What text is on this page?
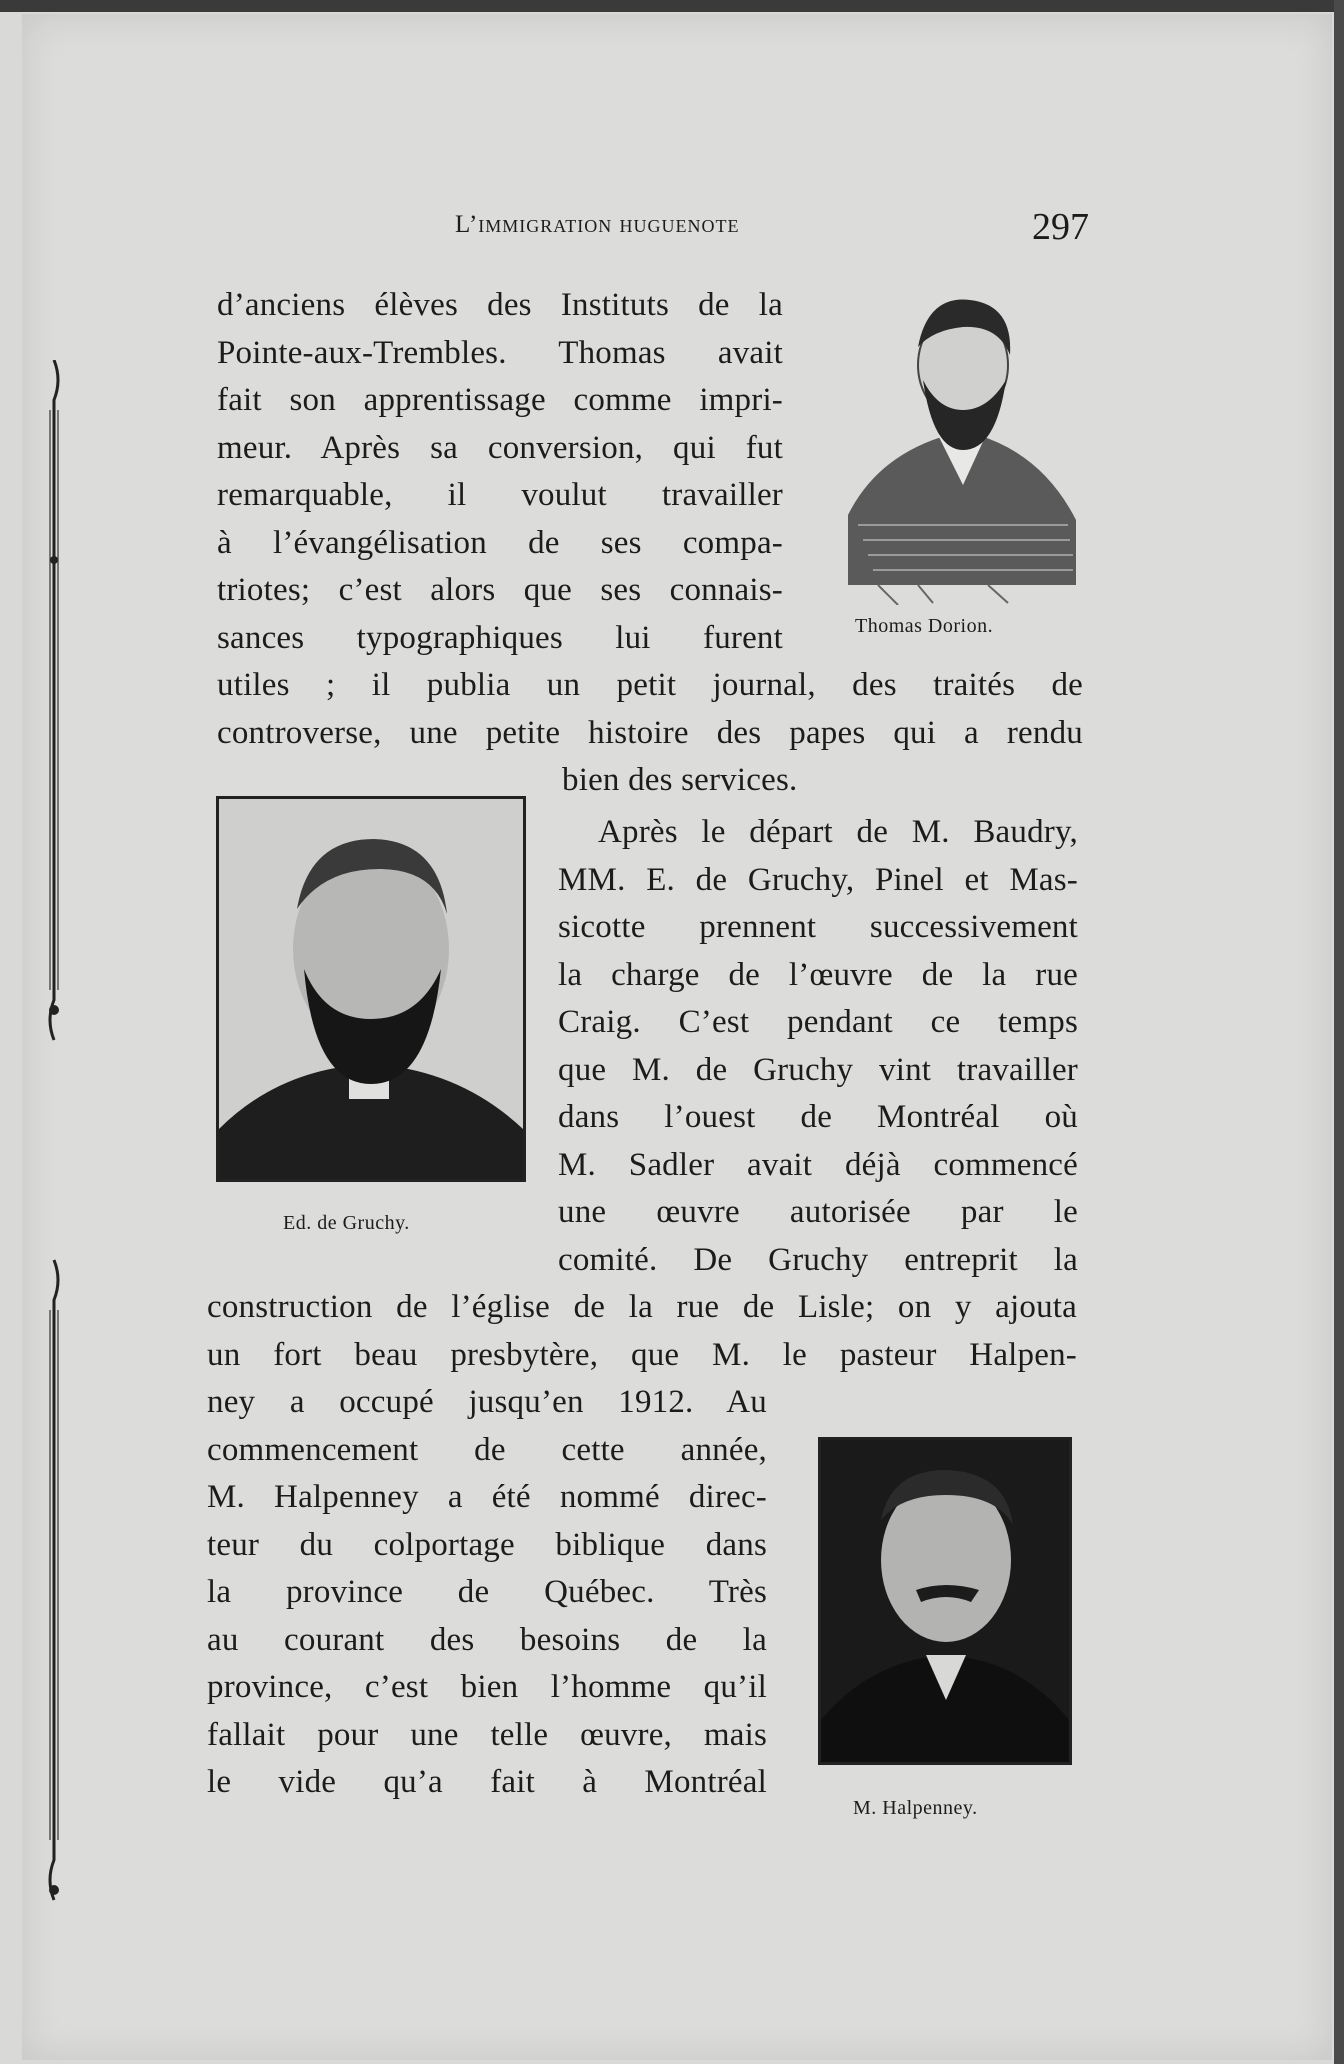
L’immigration huguenote	297
d’anciens élèves des Instituts de la
Pointe-aux-Trembles. Thomas avait
fait son apprentissage comme impri-
meur. Après sa conversion, qui fut
remarquable, il voulut travailler
à l’évangélisation de ses compa-
triotes; c’est alors que ses connais-
sances typographiques lui furent
utiles ; il publia un petit journal, des traités de
controverse, une petite histoire des papes qui a rendu
bien des services.
Après le départ de M. Baudry,
MM. E. de Gruchy, Pinel et Mas-
sicotte prennent successivement
la charge de l’œuvre de la rue
Craig. C’est pendant ce temps
que M. de Gruchy vint travailler
dans l’ouest de Montréal où
M. Sadler avait déjà commencé
une œuvre autorisée par le
comité. De Gruchy entreprit la
construction de l’église de la rue de Lisle; on y ajouta
un fort beau presbytère, que M. le pasteur Halpen-
ney a occupé jusqu’en 1912. Au
commencement de cette année,
M. Halpenney a été nommé direc-
teur du colportage biblique dans
la province de Québec. Très
au courant des besoins de la
province, c’est bien l’homme qu’il
fallait pour une telle œuvre, mais
le vide qu’a fait à Montréal
Thomas Dorion.
Ed. de Gruchy.
M. Halpenney.
